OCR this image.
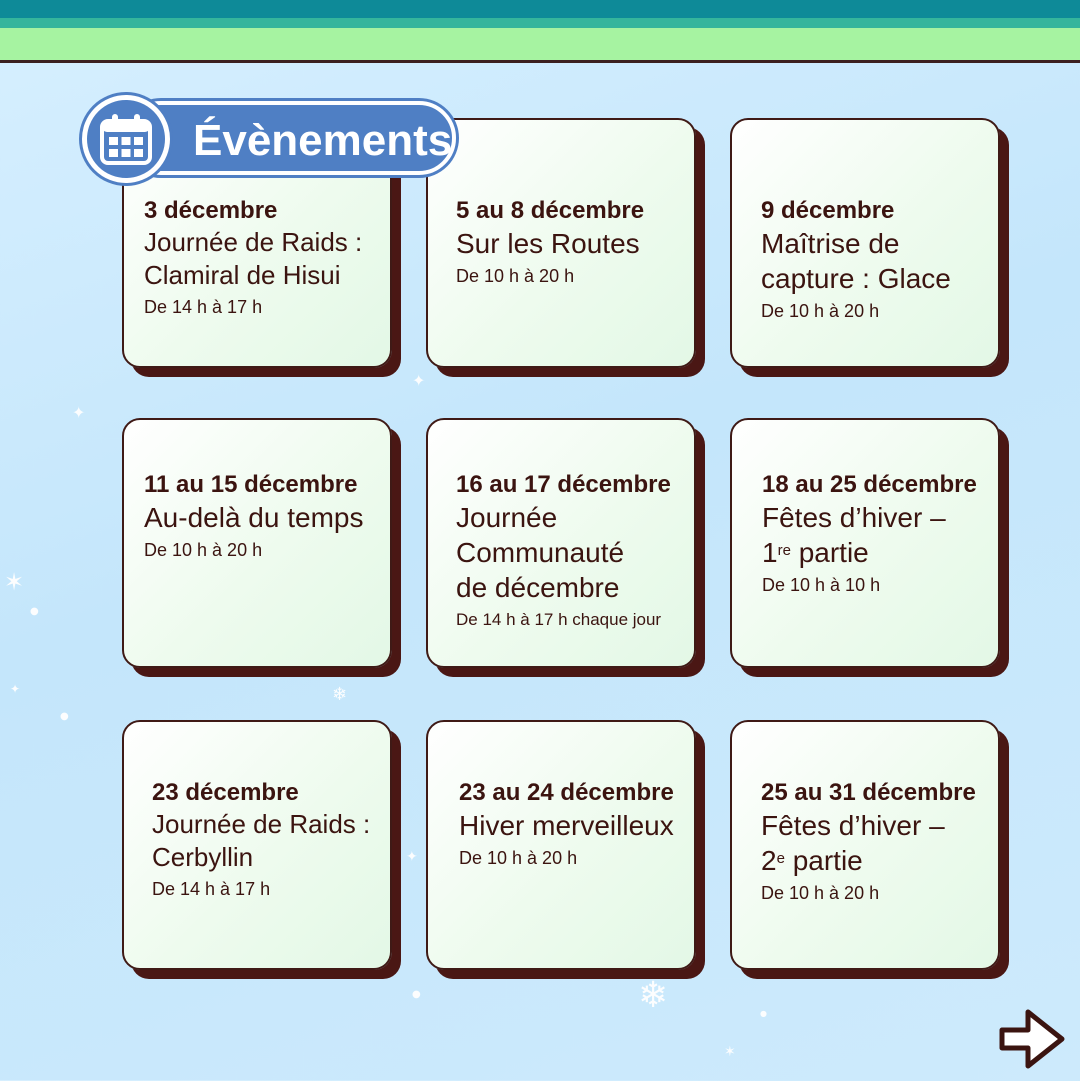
✦
✶
●
✦	❄
●
✦
✦
●	❄
✶
●
3 décembre
Journée de Raids : Clamiral de Hisui
De 14 h à 17 h
5 au 8 décembre
Sur les Routes
De 10 h à 20 h
9 décembre
Maîtrise de capture : Glace
De 10 h à 20 h
11 au 15 décembre
Au-delà du temps
De 10 h à 20 h
16 au 17 décembre
Journée Communauté de décembre
De 14 h à 17 h chaque jour
18 au 25 décembre
Fêtes d’hiver –
1re partie
De 10 h à 10 h
23 décembre
Journée de Raids : Cerbyllin
De 14 h à 17 h
23 au 24 décembre
Hiver merveilleux
De 10 h à 20 h
25 au 31 décembre
Fêtes d’hiver –
2e partie
De 10 h à 20 h
Évènements
